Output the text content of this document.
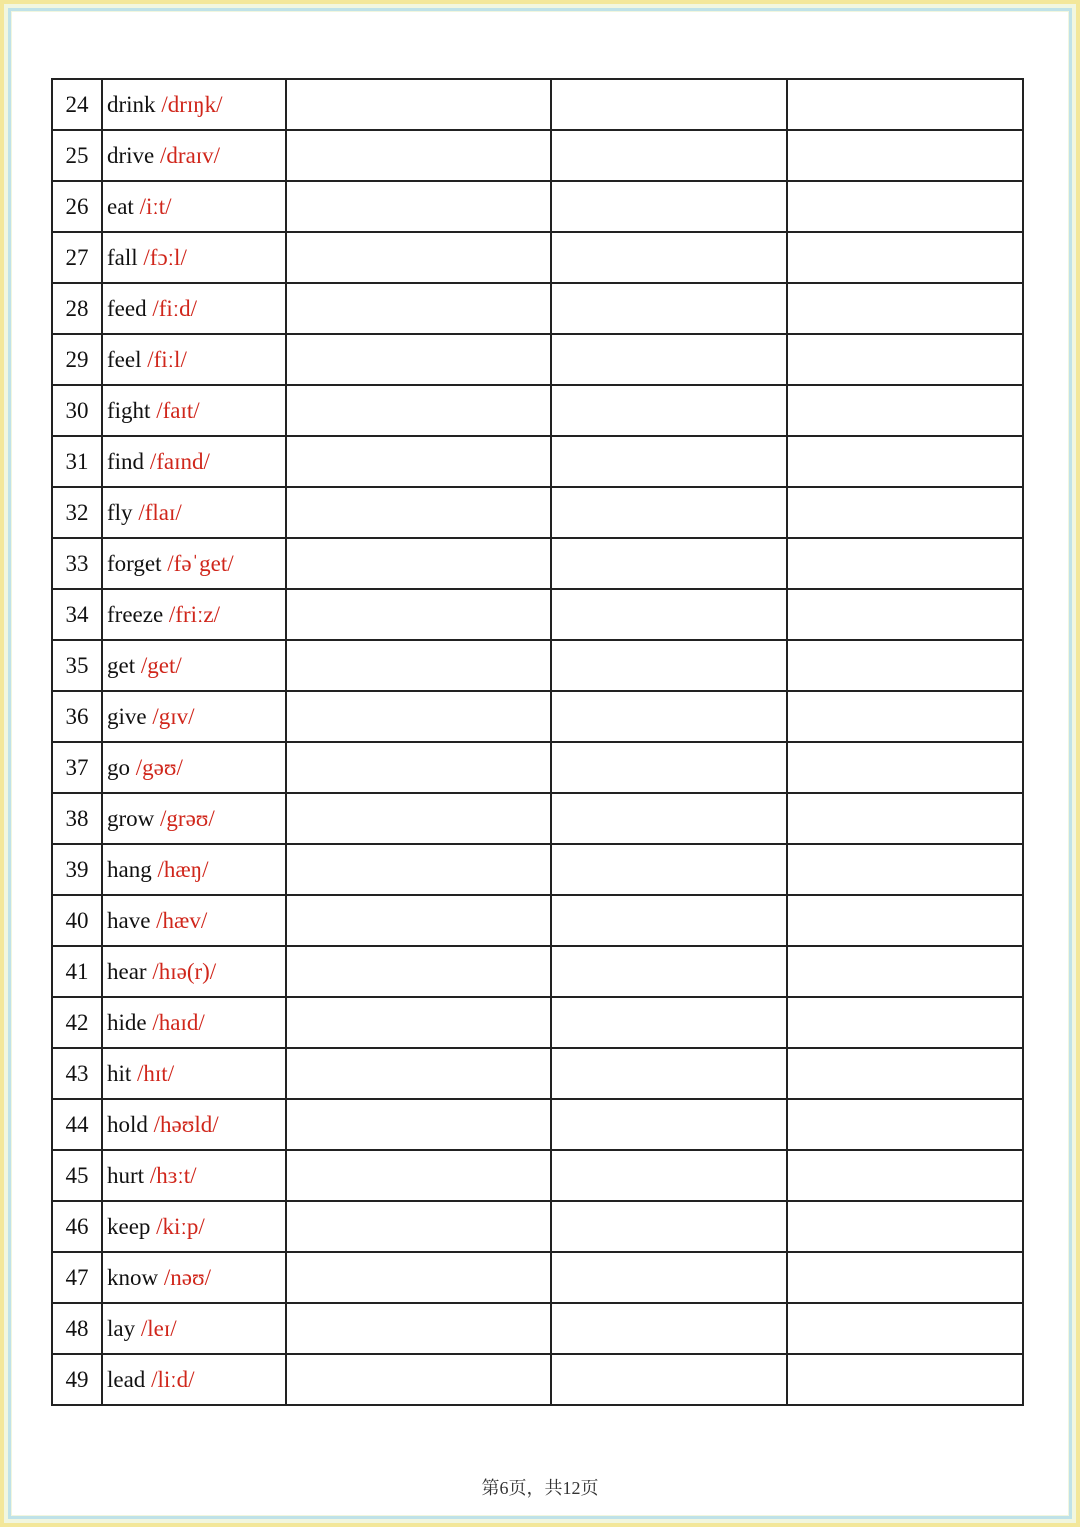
24	drink /drɪŋk/			
25	drive /draɪv/			
26	eat /iːt/			
27	fall /fɔːl/			
28	feed /fiːd/			
29	feel /fiːl/			
30	fight /faɪt/			
31	find /faɪnd/			
32	fly /flaɪ/			
33	forget /fəˈget/			
34	freeze /friːz/			
35	get /get/			
36	give /gɪv/			
37	go /gəʊ/			
38	grow /grəʊ/			
39	hang /hæŋ/			
40	have /hæv/			
41	hear /hɪə(r)/			
42	hide /haɪd/			
43	hit /hɪt/			
44	hold /həʊld/			
45	hurt /hɜːt/			
46	keep /kiːp/			
47	know /nəʊ/			
48	lay /leɪ/			
49	lead /liːd/			
第6页，共12页
